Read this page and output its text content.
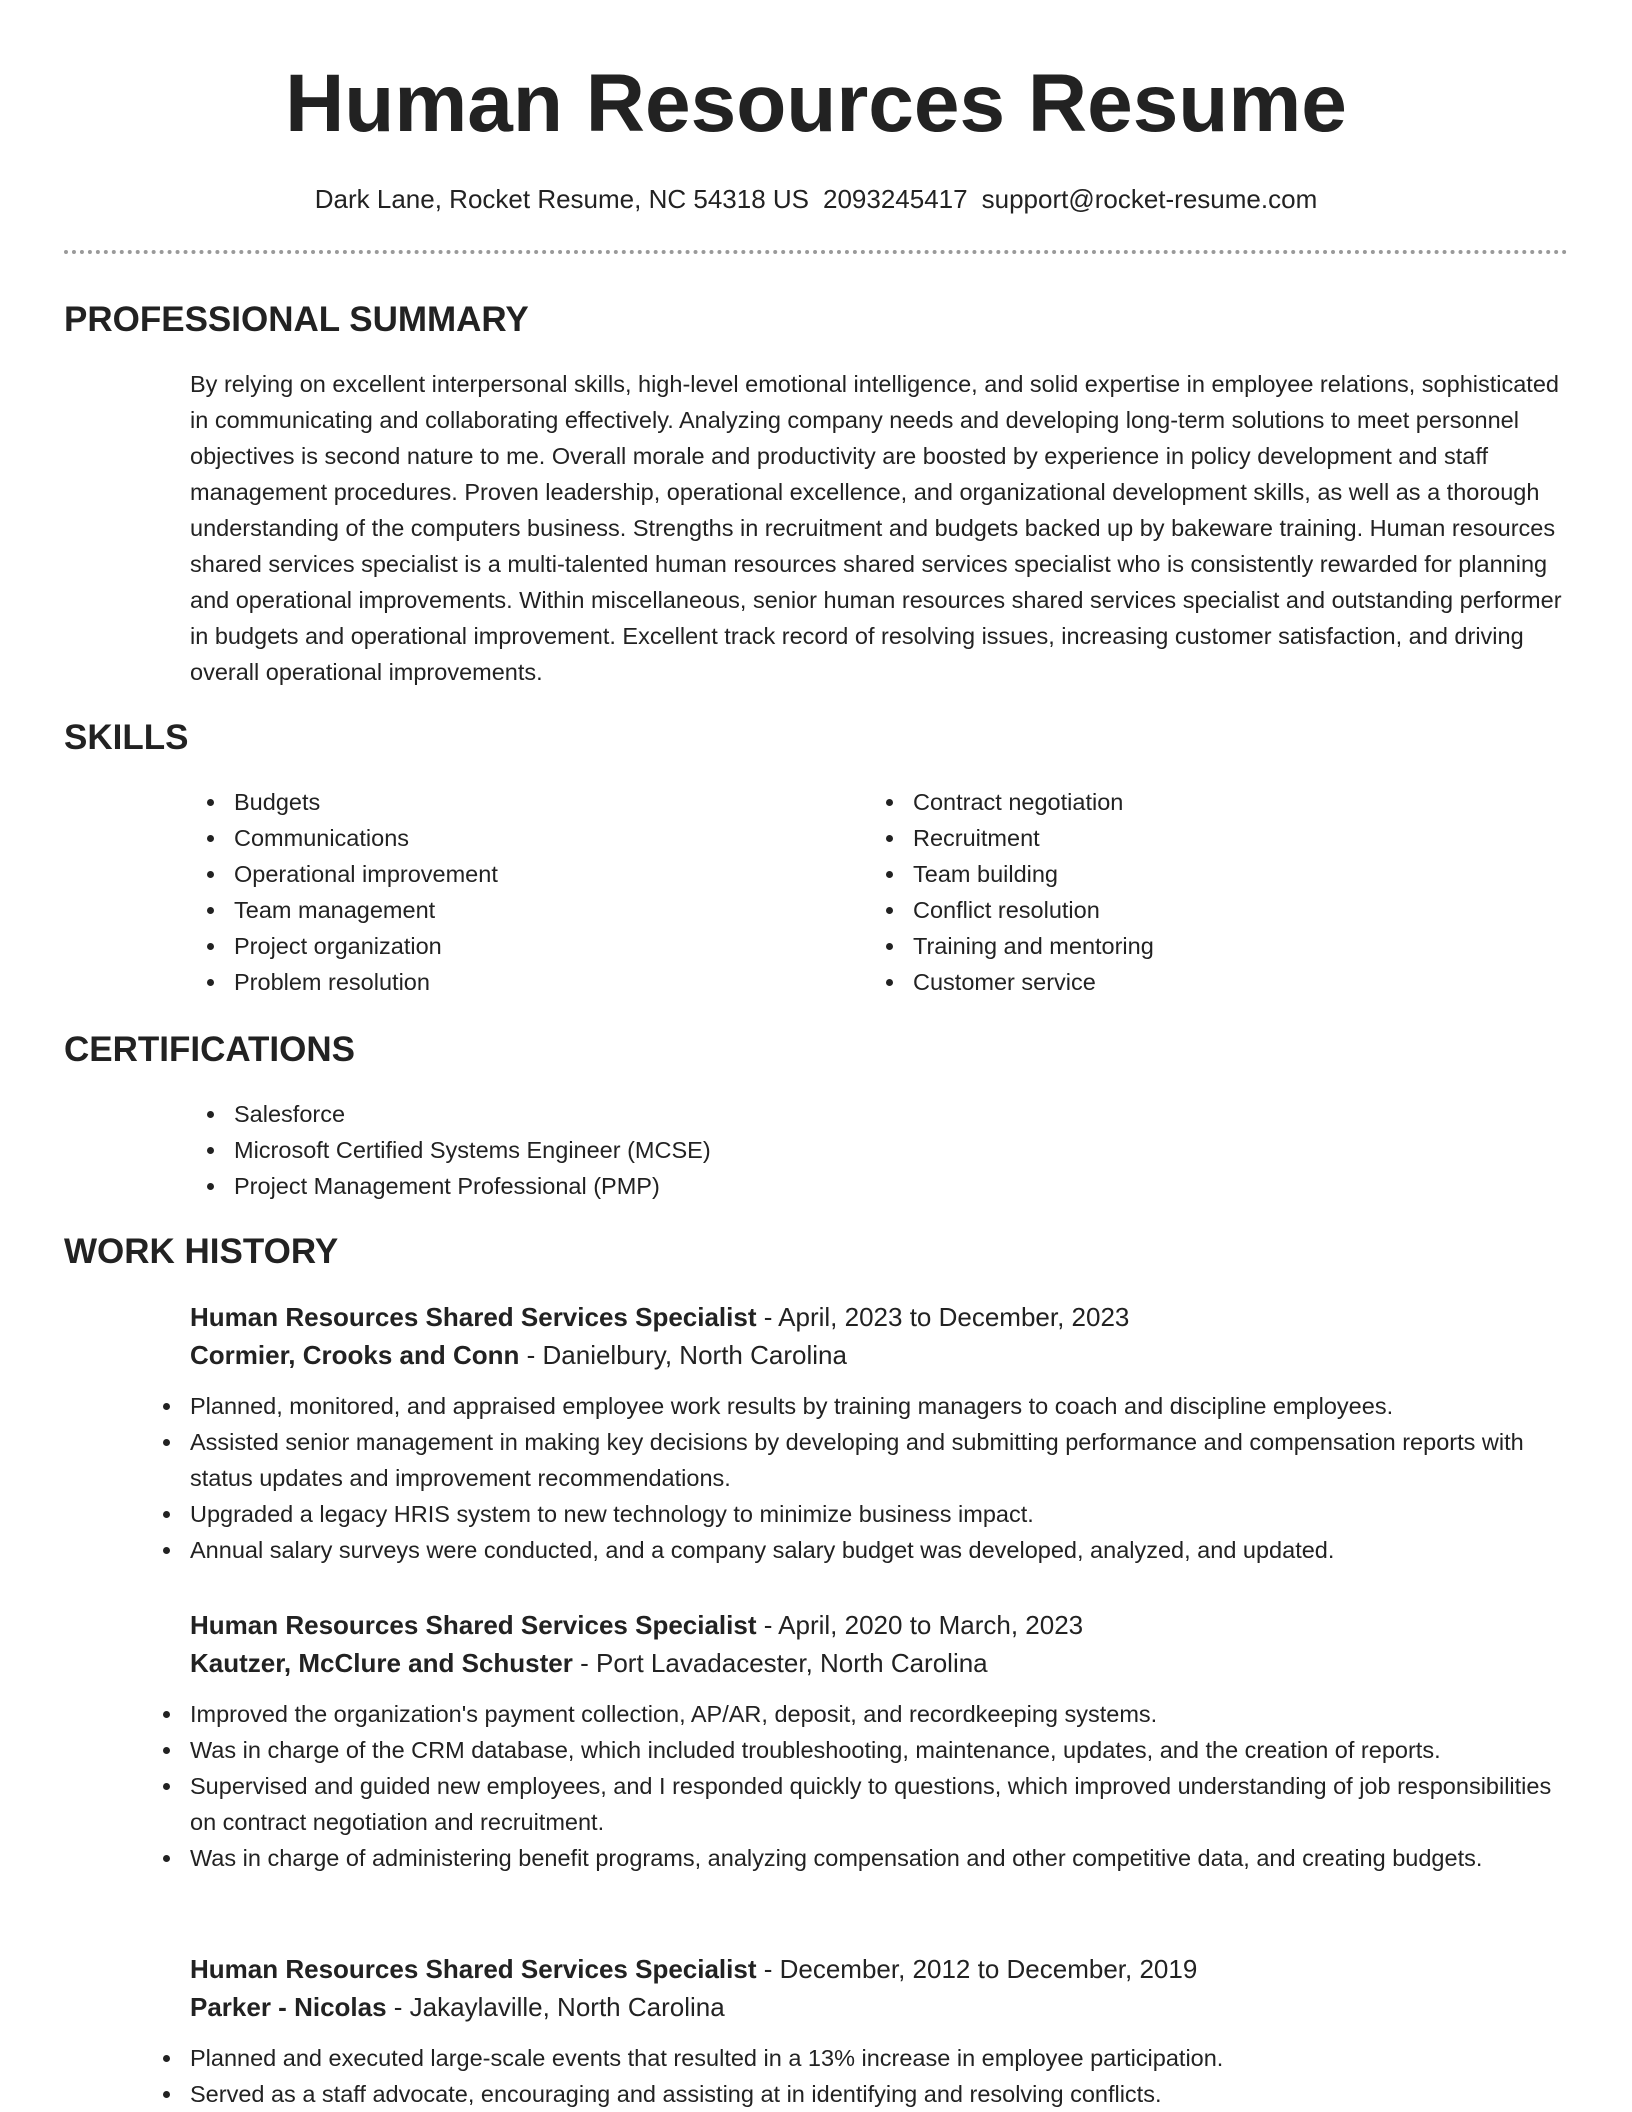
Human Resources Resume
Dark Lane, Rocket Resume, NC 54318 US 2093245417 support@rocket-resume.com
PROFESSIONAL SUMMARY

By relying on excellent interpersonal skills, high-level emotional intelligence, and solid expertise in employee relations, sophisticated in communicating and collaborating effectively. Analyzing company needs and developing long-term solutions to meet personnel objectives is second nature to me. Overall morale and productivity are boosted by experience in policy development and staff management procedures. Proven leadership, operational excellence, and organizational development skills, as well as a thorough understanding of the computers business. Strengths in recruitment and budgets backed up by bakeware training. Human resources shared services specialist is a multi-talented human resources shared services specialist who is consistently rewarded for planning and operational improvements. Within miscellaneous, senior human resources shared services specialist and outstanding performer in budgets and operational improvement. Excellent track record of resolving issues, increasing customer satisfaction, and driving overall operational improvements.

SKILLS
Budgets
Communications
Operational improvement
Team management
Project organization
Problem resolution
Contract negotiation
Recruitment
Team building
Conflict resolution
Training and mentoring
Customer service
CERTIFICATIONS
Salesforce
Microsoft Certified Systems Engineer (MCSE)
Project Management Professional (PMP)
WORK HISTORY
Human Resources Shared Services Specialist - April, 2023 to December, 2023
Cormier, Crooks and Conn - Danielbury, North Carolina
Planned, monitored, and appraised employee work results by training managers to coach and discipline employees.
Assisted senior management in making key decisions by developing and submitting performance and compensation reports with status updates and improvement recommendations.
Upgraded a legacy HRIS system to new technology to minimize business impact.
Annual salary surveys were conducted, and a company salary budget was developed, analyzed, and updated.
Human Resources Shared Services Specialist - April, 2020 to March, 2023
Kautzer, McClure and Schuster - Port Lavadacester, North Carolina
Improved the organization's payment collection, AP/AR, deposit, and recordkeeping systems.
Was in charge of the CRM database, which included troubleshooting, maintenance, updates, and the creation of reports.
Supervised and guided new employees, and I responded quickly to questions, which improved understanding of job responsibilities on contract negotiation and recruitment.
Was in charge of administering benefit programs, analyzing compensation and other competitive data, and creating budgets.
Human Resources Shared Services Specialist - December, 2012 to December, 2019
Parker - Nicolas - Jakaylaville, North Carolina
Planned and executed large-scale events that resulted in a 13% increase in employee participation.
Served as a staff advocate, encouraging and assisting at in identifying and resolving conflicts.
